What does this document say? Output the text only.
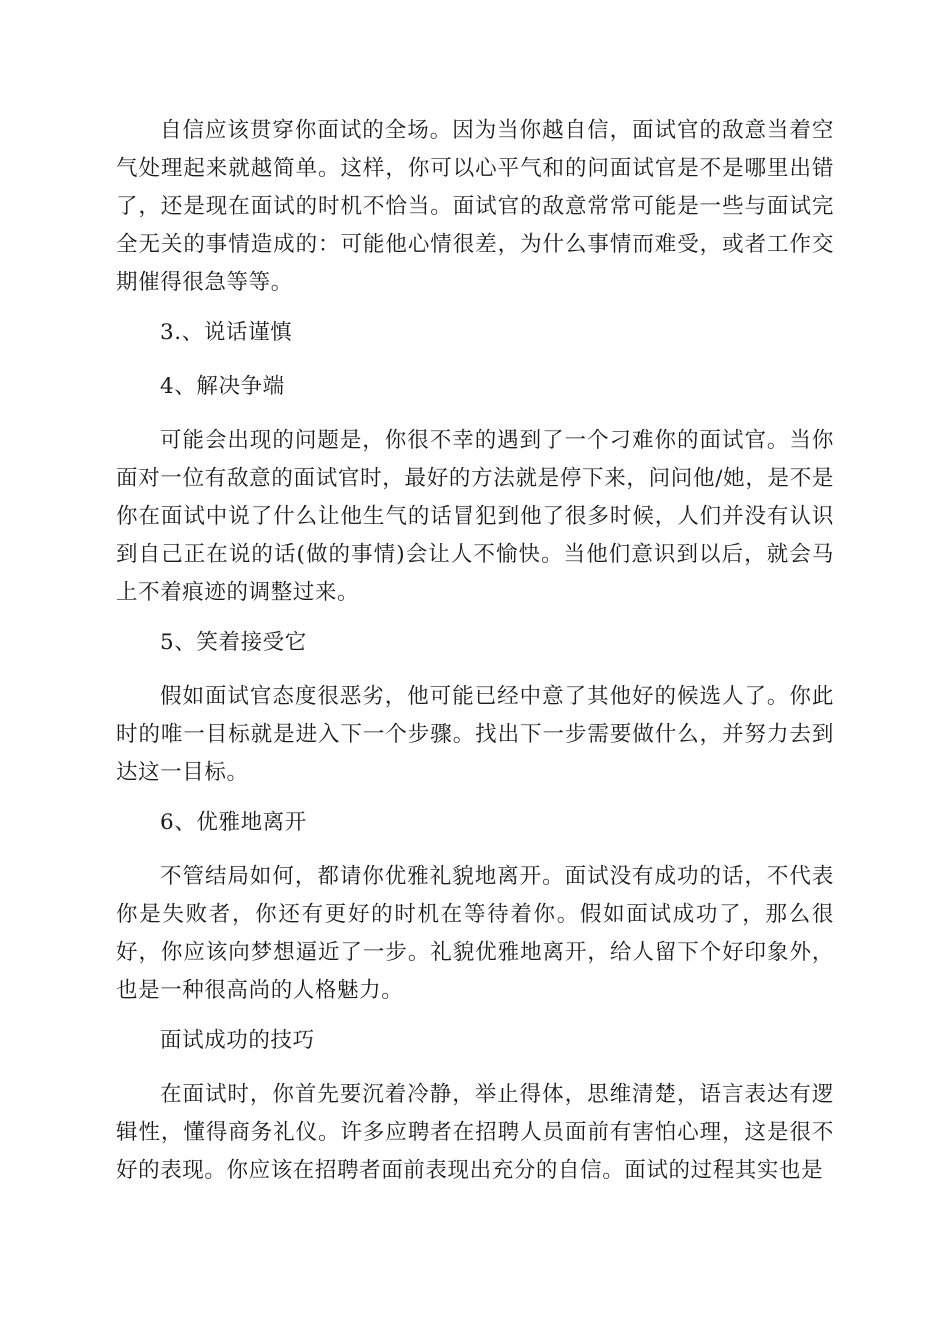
自信应该贯穿你面试的全场。因为当你越自信，面试官的敌意当着空气处理起来就越简单。这样，你可以心平气和的问面试官是不是哪里出错了，还是现在面试的时机不恰当。面试官的敌意常常可能是一些与面试完全无关的事情造成的：可能他心情很差，为什么事情而难受，或者工作交期催得很急等等。

3.、说话谨慎

4、解决争端

可能会出现的问题是，你很不幸的遇到了一个刁难你的面试官。当你面对一位有敌意的面试官时，最好的方法就是停下来，问问他/她，是不是你在面试中说了什么让他生气的话冒犯到他了很多时候，人们并没有认识到自己正在说的话(做的事情)会让人不愉快。当他们意识到以后，就会马上不着痕迹的调整过来。

5、笑着接受它

假如面试官态度很恶劣，他可能已经中意了其他好的候选人了。你此时的唯一目标就是进入下一个步骤。找出下一步需要做什么，并努力去到达这一目标。

6、优雅地离开

不管结局如何，都请你优雅礼貌地离开。面试没有成功的话，不代表你是失败者，你还有更好的时机在等待着你。假如面试成功了，那么很好，你应该向梦想逼近了一步。礼貌优雅地离开，给人留下个好印象外，也是一种很高尚的人格魅力。

面试成功的技巧

在面试时，你首先要沉着冷静，举止得体，思维清楚，语言表达有逻辑性，懂得商务礼仪。许多应聘者在招聘人员面前有害怕心理，这是很不好的表现。你应该在招聘者面前表现出充分的自信。面试的过程其实也是
